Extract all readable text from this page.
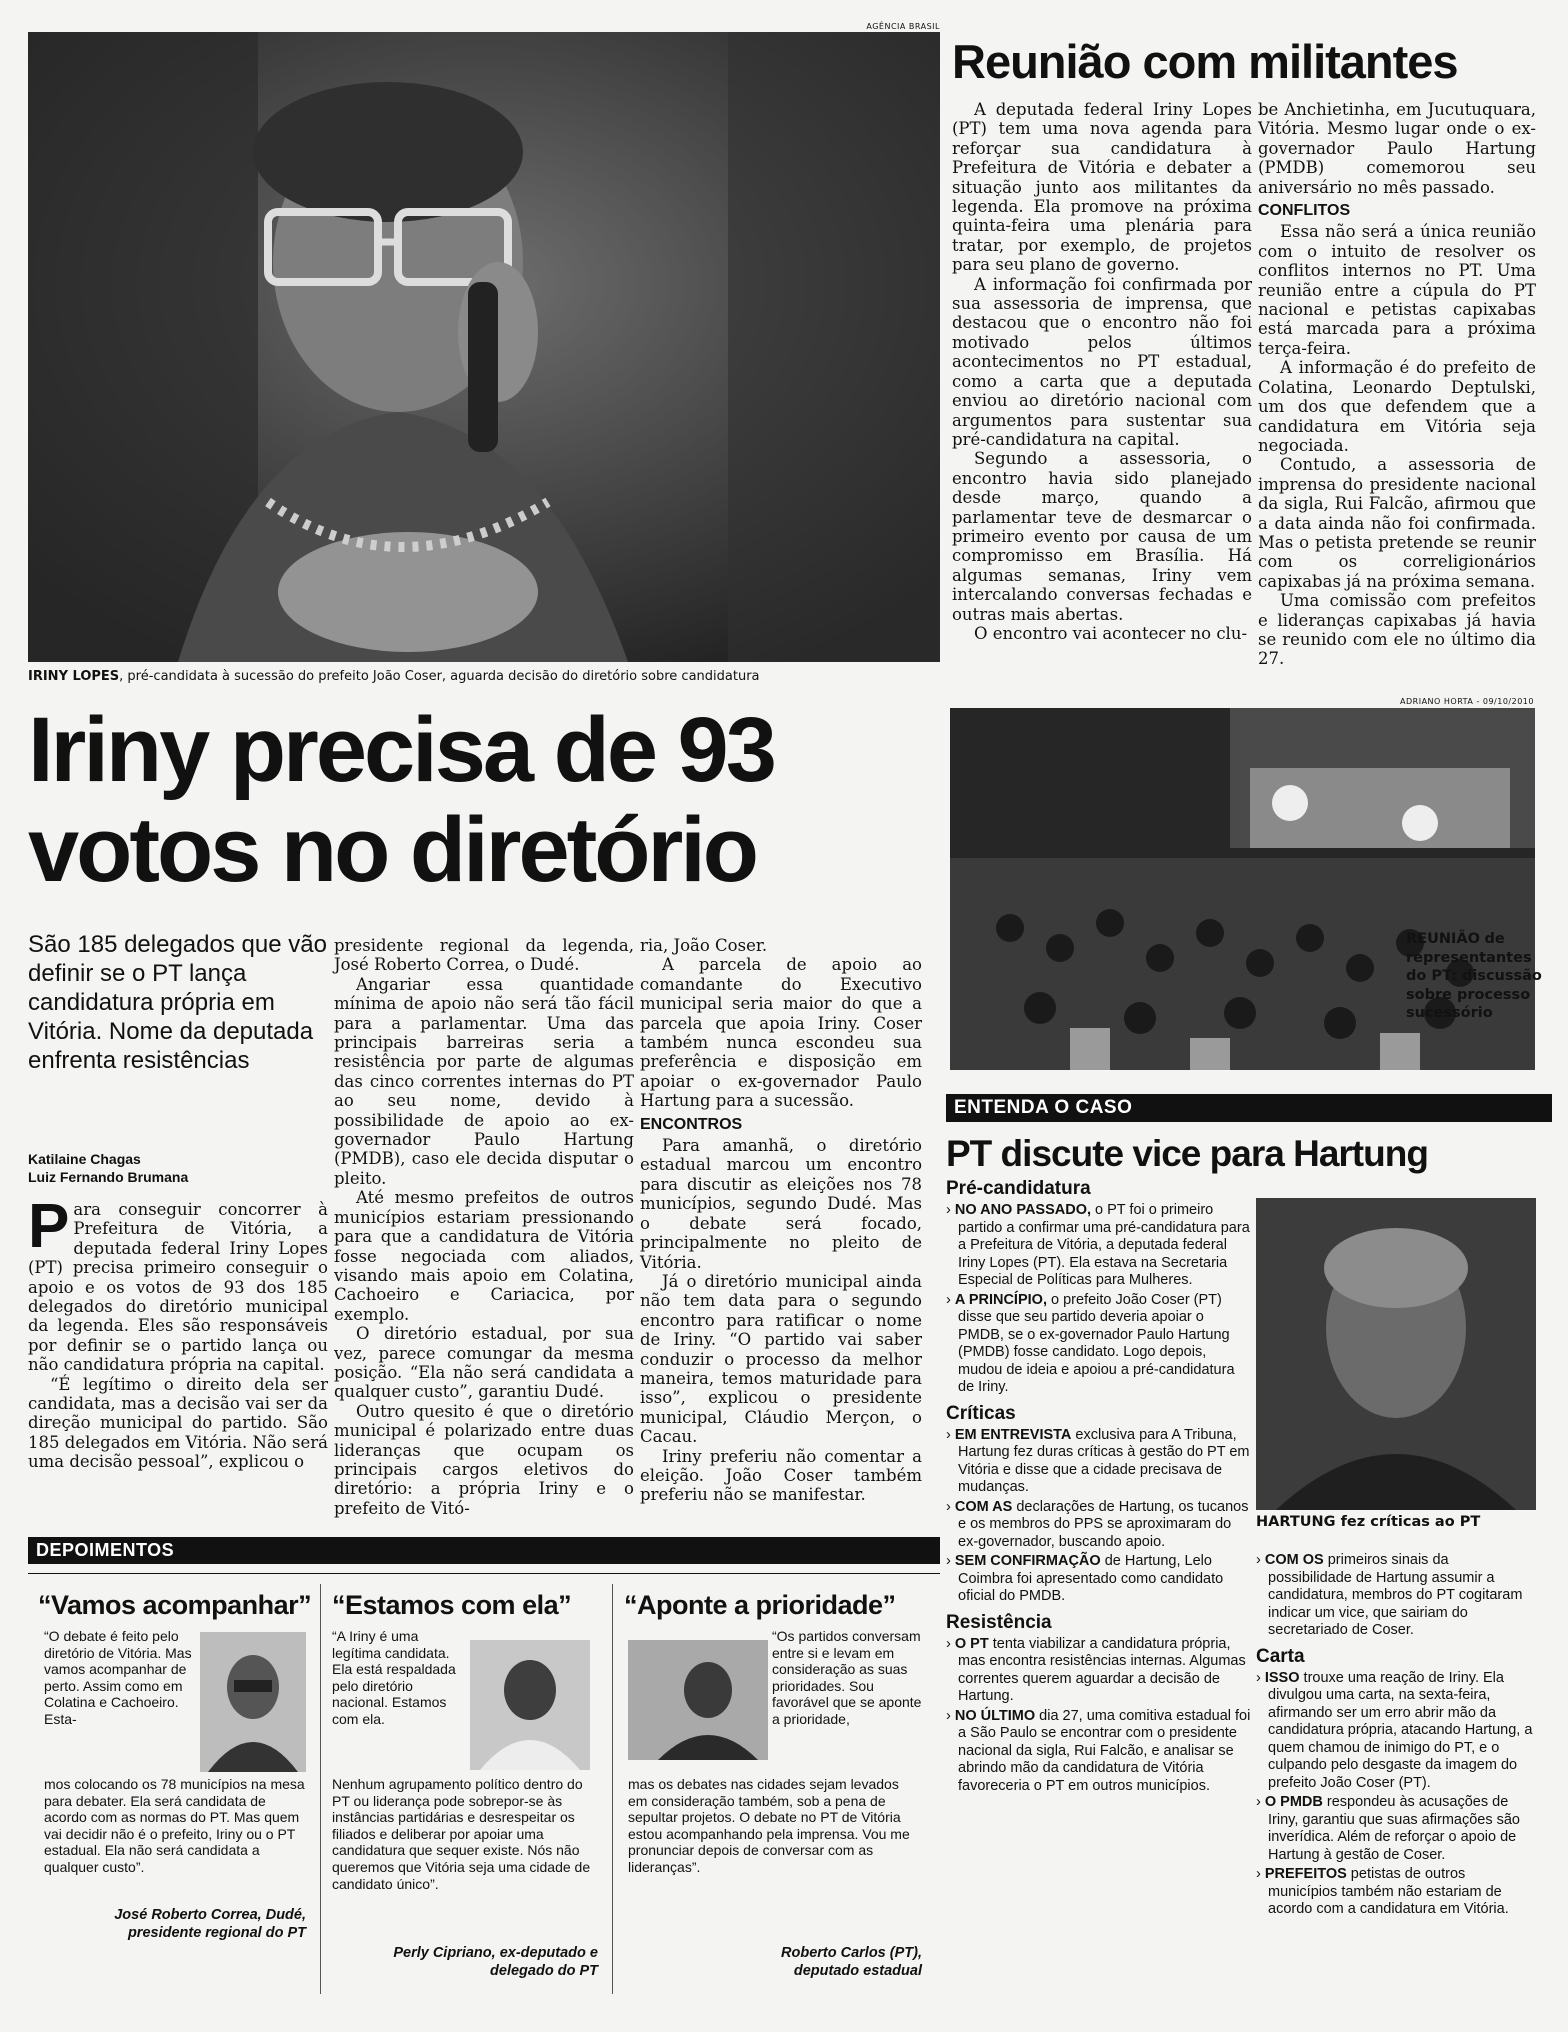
AGÊNCIA BRASIL
IRINY LOPES, pré-candidata à sucessão do prefeito João Coser, aguarda decisão do diretório sobre candidatura
Reunião com militantes

A deputada federal Iriny Lopes (PT) tem uma nova agenda para reforçar sua candidatura à Prefeitura de Vitória e debater a situação junto aos militantes da legenda. Ela promove na próxima quinta-feira uma plenária para tratar, por exemplo, de projetos para seu plano de governo.

A informação foi confirmada por sua assessoria de imprensa, que destacou que o encontro não foi motivado pelos últimos acontecimentos no PT estadual, como a carta que a deputada enviou ao diretório nacional com argumentos para sustentar sua pré-candidatura na capital.

Segundo a assessoria, o encontro havia sido planejado desde março, quando a parlamentar teve de desmarcar o primeiro evento por causa de um compromisso em Brasília. Há algumas semanas, Iriny vem intercalando conversas fechadas e outras mais abertas.

O encontro vai acontecer no clu-

be Anchietinha, em Jucutuquara, Vitória. Mesmo lugar onde o ex-governador Paulo Hartung (PMDB) comemorou seu aniversário no mês passado.

CONFLITOS

Essa não será a única reunião com o intuito de resolver os conflitos internos no PT. Uma reunião entre a cúpula do PT nacional e petistas capixabas está marcada para a próxima terça-feira.

A informação é do prefeito de Colatina, Leonardo Deptulski, um dos que defendem que a candidatura em Vitória seja negociada.

Contudo, a assessoria de imprensa do presidente nacional da sigla, Rui Falcão, afirmou que a data ainda não foi confirmada. Mas o petista pretende se reunir com os correligionários capixabas já na próxima semana.

Uma comissão com prefeitos e lideranças capixabas já havia se reunido com ele no último dia 27.

ADRIANO HORTA - 09/10/2010
REUNIÃO de representantes do PT: discussão sobre processo sucessório
Iriny precisa de 93
votos no diretório
São 185 delegados que vão definir se o PT lança candidatura própria em Vitória. Nome da deputada enfrenta resistências
Katilaine Chagas
Luiz Fernando Brumana
P ara conseguir concorrer à Prefeitura de Vitória, a deputada federal Iriny Lopes (PT) precisa primeiro conseguir o apoio e os votos de 93 dos 185 delegados do diretório municipal da legenda. Eles são responsáveis por definir se o partido lança ou não candidatura própria na capital.

“É legítimo o direito dela ser candidata, mas a decisão vai ser da direção municipal do partido. São 185 delegados em Vitória. Não será uma decisão pessoal”, explicou o

presidente regional da legenda, José Roberto Correa, o Dudé.

Angariar essa quantidade mínima de apoio não será tão fácil para a parlamentar. Uma das principais barreiras seria a resistência por parte de algumas das cinco correntes internas do PT ao seu nome, devido à possibilidade de apoio ao ex-governador Paulo Hartung (PMDB), caso ele decida disputar o pleito.

Até mesmo prefeitos de outros municípios estariam pressionando para que a candidatura de Vitória fosse negociada com aliados, visando mais apoio em Colatina, Cachoeiro e Cariacica, por exemplo.

O diretório estadual, por sua vez, parece comungar da mesma posição. “Ela não será candidata a qualquer custo”, garantiu Dudé.

Outro quesito é que o diretório municipal é polarizado entre duas lideranças que ocupam os principais cargos eletivos do diretório: a própria Iriny e o prefeito de Vitó-

ria, João Coser.

A parcela de apoio ao comandante do Executivo municipal seria maior do que a parcela que apoia Iriny. Coser também nunca escondeu sua preferência e disposição em apoiar o ex-governador Paulo Hartung para a sucessão.

ENCONTROS

Para amanhã, o diretório estadual marcou um encontro para discutir as eleições nos 78 municípios, segundo Dudé. Mas o debate será focado, principalmente no pleito de Vitória.

Já o diretório municipal ainda não tem data para o segundo encontro para ratificar o nome de Iriny. “O partido vai saber conduzir o processo da melhor maneira, temos maturidade para isso”, explicou o presidente municipal, Cláudio Merçon, o Cacau.

Iriny preferiu não comentar a eleição. João Coser também preferiu não se manifestar.

DEPOIMENTOS
“Vamos acompanhar”
“O debate é feito pelo diretório de Vitória. Mas vamos acompanhar de perto. Assim como em Colatina e Cachoeiro. Esta-
mos colocando os 78 municípios na mesa para debater. Ela será candidata de acordo com as normas do PT. Mas quem vai decidir não é o prefeito, Iriny ou o PT estadual. Ela não será candidata a qualquer custo”.
José Roberto Correa, Dudé,
presidente regional do PT
“Estamos com ela”
“A Iriny é uma legítima candidata. Ela está respaldada pelo diretório nacional. Estamos com ela.
Nenhum agrupamento político dentro do PT ou liderança pode sobrepor-se às instâncias partidárias e desrespeitar os filiados e deliberar por apoiar uma candidatura que sequer existe. Nós não queremos que Vitória seja uma cidade de candidato único”.
Perly Cipriano, ex-deputado e
delegado do PT
“Aponte a prioridade”
“Os partidos conversam entre si e levam em consideração as suas prioridades. Sou favorável que se aponte a prioridade,
mas os debates nas cidades sejam levados em consideração também, sob a pena de sepultar projetos. O debate no PT de Vitória estou acompanhando pela imprensa. Vou me pronunciar depois de conversar com as lideranças”.
Roberto Carlos (PT),
deputado estadual
ENTENDA O CASO
PT discute vice para Hartung
Pré-candidatura

› NO ANO PASSADO, o PT foi o primeiro partido a confirmar uma pré-candidatura para a Prefeitura de Vitória, a deputada federal Iriny Lopes (PT). Ela estava na Secretaria Especial de Políticas para Mulheres.

› A PRINCÍPIO, o prefeito João Coser (PT) disse que seu partido deveria apoiar o PMDB, se o ex-governador Paulo Hartung (PMDB) fosse candidato. Logo depois, mudou de ideia e apoiou a pré-candidatura de Iriny.

Críticas

› EM ENTREVISTA exclusiva para A Tribuna, Hartung fez duras críticas à gestão do PT em Vitória e disse que a cidade precisava de mudanças.

› COM AS declarações de Hartung, os tucanos e os membros do PPS se aproximaram do ex-governador, buscando apoio.

› SEM CONFIRMAÇÃO de Hartung, Lelo Coimbra foi apresentado como candidato oficial do PMDB.

Resistência

› O PT tenta viabilizar a candidatura própria, mas encontra resistências internas. Algumas correntes querem aguardar a decisão de Hartung.

› NO ÚLTIMO dia 27, uma comitiva estadual foi a São Paulo se encontrar com o presidente nacional da sigla, Rui Falcão, e analisar se abrindo mão da candidatura de Vitória favoreceria o PT em outros municípios.

HARTUNG fez críticas ao PT

› COM OS primeiros sinais da possibilidade de Hartung assumir a candidatura, membros do PT cogitaram indicar um vice, que sairiam do secretariado de Coser.

Carta

› ISSO trouxe uma reação de Iriny. Ela divulgou uma carta, na sexta-feira, afirmando ser um erro abrir mão da candidatura própria, atacando Hartung, a quem chamou de inimigo do PT, e o culpando pelo desgaste da imagem do prefeito João Coser (PT).

› O PMDB respondeu às acusações de Iriny, garantiu que suas afirmações são inverídica. Além de reforçar o apoio de Hartung à gestão de Coser.

› PREFEITOS petistas de outros municípios também não estariam de acordo com a candidatura em Vitória.
